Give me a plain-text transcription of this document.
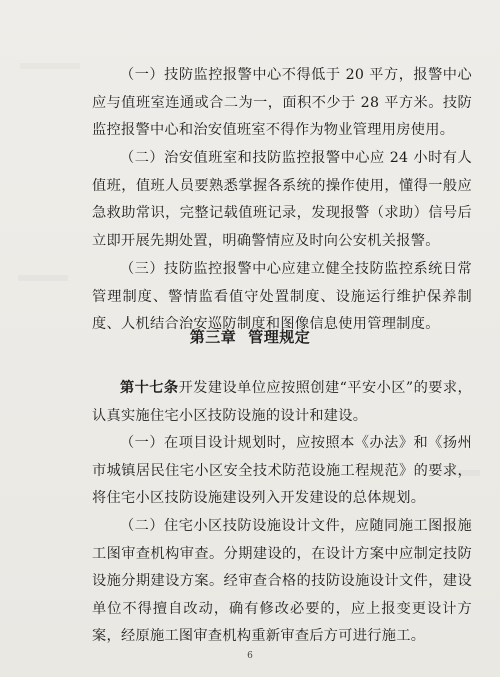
（一）技防监控报警中心不得低于 20 平方，报警中心应与值班室连通或合二为一，面积不少于 28 平方米。技防监控报警中心和治安值班室不得作为物业管理用房使用。
（二）治安值班室和技防监控报警中心应 24 小时有人值班，值班人员要熟悉掌握各系统的操作使用，懂得一般应急救助常识，完整记载值班记录，发现报警（求助）信号后立即开展先期处置，明确警情应及时向公安机关报警。
（三）技防监控报警中心应建立健全技防监控系统日常管理制度、警情监看值守处置制度、设施运行维护保养制度、人机结合治安巡防制度和图像信息使用管理制度。
第三章 管理规定
第十七条开发建设单位应按照创建“平安小区”的要求，认真实施住宅小区技防设施的设计和建设。
（一）在项目设计规划时，应按照本《办法》和《扬州市城镇居民住宅小区安全技术防范设施工程规范》的要求，将住宅小区技防设施建设列入开发建设的总体规划。
（二）住宅小区技防设施设计文件，应随同施工图报施工图审查机构审查。分期建设的，在设计方案中应制定技防设施分期建设方案。经审查合格的技防设施设计文件，建设单位不得擅自改动，确有修改必要的，应上报变更设计方案，经原施工图审查机构重新审查后方可进行施工。
6
